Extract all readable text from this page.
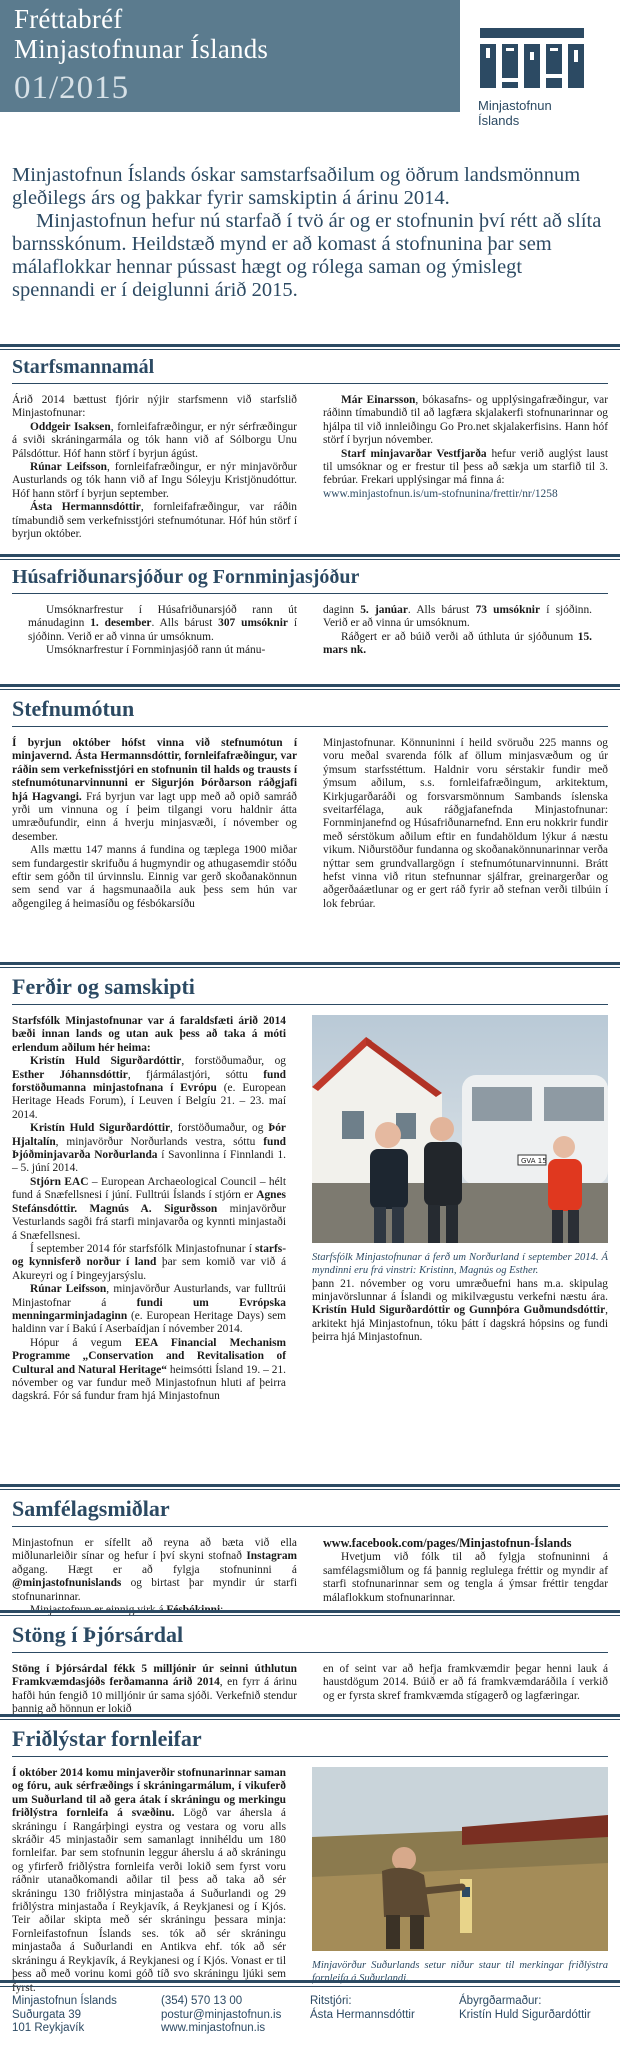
Fréttabréf
Minjastofnunar Íslands
01/2015	Minjastofnun
Íslands

Minjastofnun Íslands óskar samstarfsaðilum og öðrum landsmönnum gleðilegs árs og þakkar fyrir samskiptin á árinu 2014.

Minjastofnun hefur nú starfað í tvö ár og er stofnunin því rétt að slíta barnsskónum. Heildstæð mynd er að komast á stofnunina þar sem málaflokkar hennar pússast hægt og rólega saman og ýmislegt spennandi er í deiglunni árið 2015.

Starfsmannamál

Árið 2014 bættust fjórir nýjir starfsmenn við starfslið Minjastofnunar:

Oddgeir Isaksen, fornleifafræðingur, er nýr sérfræðingur á sviði skráningarmála og tók hann við af Sólborgu Unu Pálsdóttur. Hóf hann störf í byrjun ágúst.

Rúnar Leifsson, fornleifafræðingur, er nýr minjavörður Austurlands og tók hann við af Ingu Sóleyju Kristjönudóttur. Hóf hann störf í byrjun september.

Ásta Hermannsdóttir, fornleifafræðingur, var ráðin tímabundið sem verkefnisstjóri stefnumótunar. Hóf hún störf í byrjun október.

Már Einarsson, bókasafns- og upplýsingafræðingur, var ráðinn tímabundið til að lagfæra skjalakerfi stofnunarinnar og hjálpa til við innleiðingu Go Pro.net skjalakerfisins. Hann hóf störf í byrjun nóvember.

Starf minjavarðar Vestfjarða hefur verið auglýst laust til umsóknar og er frestur til þess að sækja um starfið til 3. febrúar. Frekari upplýsingar má finna á:

www.minjastofnun.is/um-stofnunina/frettir/nr/1258

Húsafriðunarsjóður og Fornminjasjóður

Umsóknarfrestur í Húsafriðunarsjóð rann út mánudaginn 1. desember. Alls bárust 307 umsóknir í sjóðinn. Verið er að vinna úr umsóknum.

Umsóknarfrestur í Fornminjasjóð rann út mánu-

daginn 5. janúar. Alls bárust 73 umsóknir í sjóðinn. Verið er að vinna úr umsóknum.

Ráðgert er að búið verði að úthluta úr sjóðunum 15. mars nk.

Stefnumótun

Í byrjun október hófst vinna við stefnumótun í minjavernd. Ásta Hermannsdóttir, fornleifafræðingur, var ráðin sem verkefnisstjóri en stofnunin til halds og trausts í stefnumótunarvinnunni er Sigurjón Þórðarson ráðgjafi hjá Hagvangi. Frá byrjun var lagt upp með að opið samráð yrði um vinnuna og í þeim tilgangi voru haldnir átta umræðufundir, einn á hverju minjasvæði, í nóvember og desember.

Alls mættu 147 manns á fundina og tæplega 1900 miðar sem fundargestir skrifuðu á hugmyndir og athugasemdir stóðu eftir sem góðn til úrvinnslu. Einnig var gerð skoðanakönnun sem send var á hagsmunaaðila auk þess sem hún var aðgengileg á heimasíðu og fésbókarsíðu

Minjastofnunar. Könnuninni í heild svöruðu 225 manns og voru meðal svarenda fólk af öllum minjasvæðum og úr ýmsum starfsstéttum. Haldnir voru sérstakir fundir með ýmsum aðilum, s.s. fornleifafræðingum, arkitektum, Kirkjugarðaráði og forsvarsmönnum Sambands íslenska sveitarfélaga, auk ráðgjafanefnda Minjastofnunar: Fornminjanefnd og Húsafriðunarnefnd. Enn eru nokkrir fundir með sérstökum aðilum eftir en fundahöldum lýkur á næstu vikum. Niðurstöður fundanna og skoðanakönnunarinnar verða nýttar sem grundvallargögn í stefnumótunarvinnunni. Brátt hefst vinna við ritun stefnunnar sjálfrar, greinargerðar og aðgerðaáætlunar og er gert ráð fyrir að stefnan verði tilbúin í lok febrúar.

Ferðir og samskipti

Starfsfólk Minjastofnunar var á faraldsfæti árið 2014 bæði innan lands og utan auk þess að taka á móti erlendum aðilum hér heima:

Kristín Huld Sigurðardóttir, forstöðumaður, og Esther Jóhannsdóttir, fjármálastjóri, sóttu fund forstöðumanna minjastofnana í Evrópu (e. European Heritage Heads Forum), í Leuven í Belgíu 21. – 23. maí 2014.

Kristín Huld Sigurðardóttir, forstöðumaður, og Þór Hjaltalín, minjavörður Norðurlands vestra, sóttu fund Þjóðminjavarða Norðurlanda í Savonlinna í Finnlandi 1. – 5. júní 2014.

Stjórn EAC – European Archaeological Council – hélt fund á Snæfellsnesi í júní. Fulltrúi Íslands í stjórn er Agnes Stefánsdóttir. Magnús A. Sigurðsson minjavörður Vesturlands sagði frá starfi minjavarða og kynnti minjastaði á Snæfellsnesi.

Í september 2014 fór starfsfólk Minjastofnunar í starfs- og kynnisferð norður í land þar sem komið var við á Akureyri og í Þingeyjarsýslu.

Rúnar Leifsson, minjavörður Austurlands, var fulltrúi Minjastofnar á fundi um Evrópska menningarminjadaginn (e. European Heritage Days) sem haldinn var í Bakú í Aserbaídjan í nóvember 2014.

Hópur á vegum EEA Financial Mechanism Programme „Conservation and Revitalisation of Cultural and Natural Heritage“ heimsótti Ísland 19. – 21. nóvember og var fundur með Minjastofnun hluti af þeirra dagskrá. Fór sá fundur fram hjá Minjastofnun

GVA 15

Starfsfólk Minjastofnunar á ferð um Norðurland í september 2014. Á myndinni eru frá vinstri: Kristinn, Magnús og Esther.

þann 21. nóvember og voru umræðuefni hans m.a. skipulag minjavörslunnar á Íslandi og mikilvægustu verkefni næstu ára. Kristín Huld Sigurðardóttir og Gunnþóra Guðmundsdóttir, arkitekt hjá Minjastofnun, tóku þátt í dagskrá hópsins og fundi þeirra hjá Minjastofnun.

Samfélagsmiðlar

Minjastofnun er sífellt að reyna að bæta við ella miðlunarleiðir sínar og hefur í því skyni stofnað Instagram aðgang. Hægt er að fylgja stofnuninni á @minjastofnunislands og birtast þar myndir úr starfi stofnunarinnar.

Minjastofnun er einnig virk á Fésbókinni:

www.facebook.com/pages/Minjastofnun-Íslands

Hvetjum við fólk til að fylgja stofnuninni á samfélagsmiðlum og fá þannig reglulega fréttir og myndir af starfi stofnunarinnar sem og tengla á ýmsar fréttir tengdar málaflokkum stofnunarinnar.

Stöng í Þjórsárdal

Stöng í Þjórsárdal fékk 5 milljónir úr seinni úthlutun Framkvæmdasjóðs ferðamanna árið 2014, en fyrr á árinu hafði hún fengið 10 milljónir úr sama sjóði. Verkefnið stendur þannig að hönnun er lokið

en of seint var að hefja framkvæmdir þegar henni lauk á haustdögum 2014. Búið er að fá framkvæmdaráðila í verkið og er fyrsta skref framkvæmda stígagerð og lagfæringar.

Friðlýstar fornleifar

Í október 2014 komu minjaverðir stofnunarinnar saman og fóru, auk sérfræðings í skráningarmálum, í vikuferð um Suðurland til að gera átak í skráningu og merkingu friðlýstra fornleifa á svæðinu. Lögð var áhersla á skráningu í Rangárþingi eystra og vestara og voru alls skráðir 45 minjastaðir sem samanlagt innihéldu um 180 fornleifar. Þar sem stofnunin leggur áherslu á að skráningu og yfirferð friðlýstra fornleifa verði lokið sem fyrst voru ráðnir utanaðkomandi aðilar til þess að taka að sér skráningu 130 friðlýstra minjastaða á Suðurlandi og 29 friðlýstra minjastaða í Reykjavík, á Reykjanesi og í Kjós. Teir aðilar skipta með sér skráningu þessara minja: Fornleifastofnun Íslands ses. tók að sér skráningu minjastaða á Suðurlandi en Antikva ehf. tók að sér skráningu á Reykjavík, á Reykjanesi og í Kjós. Vonast er til þess að með vorinu komi góð tíð svo skráningu ljúki sem fyrst.

Minjavörður Suðurlands setur niður staur til merkingar friðlýstra fornleifa á Suðurlandi.

Minjastofnun Íslands
Suðurgata 39
101 Reykjavík
(354) 570 13 00
postur@minjastofnun.is
www.minjastofnun.is
Ritstjóri:
Ásta Hermannsdóttir
Ábyrgðarmaður:
Kristín Huld Sigurðardóttir
